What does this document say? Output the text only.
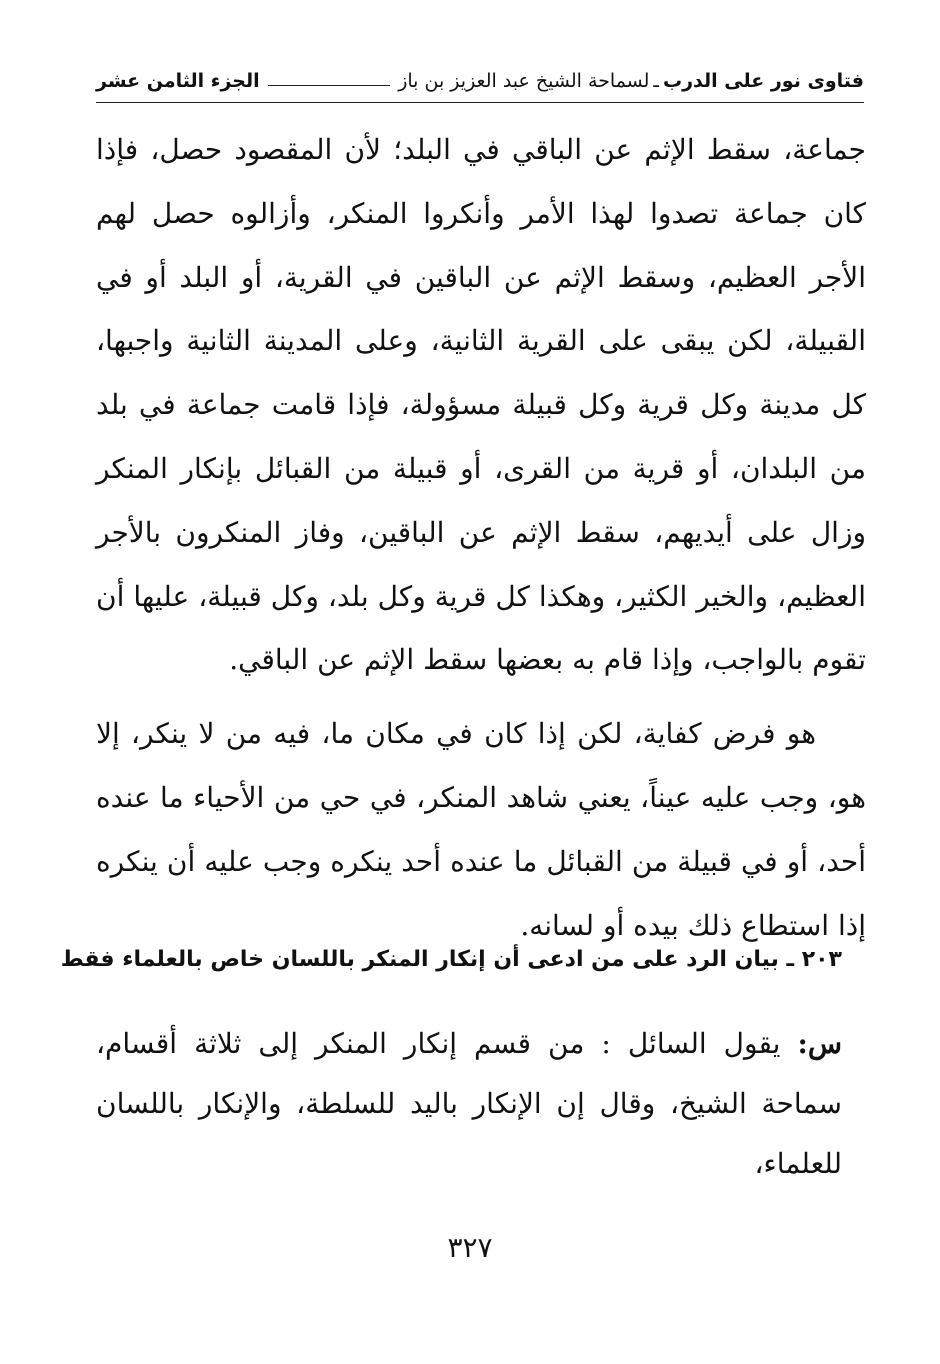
فتاوى نور على الدرب
ـ
لسماحة الشيخ عبد العزيز بن باز
الجزء الثامن عشر

جماعة، سقط الإثم عن الباقي في البلد؛ لأن المقصود حصل، فإذا كان جماعة تصدوا لهذا الأمر وأنكروا المنكر، وأزالوه حصل لهم الأجر العظيم، وسقط الإثم عن الباقين في القرية، أو البلد أو في القبيلة، لكن يبقى على القرية الثانية، وعلى المدينة الثانية واجبها، كل مدينة وكل قرية وكل قبيلة مسؤولة، فإذا قامت جماعة في بلد من البلدان، أو قرية من القرى، أو قبيلة من القبائل بإنكار المنكر وزال على أيديهم، سقط الإثم عن الباقين، وفاز المنكرون بالأجر العظيم، والخير الكثير، وهكذا كل قرية وكل بلد، وكل قبيلة، عليها أن تقوم بالواجب، وإذا قام به بعضها سقط الإثم عن الباقي.

هو فرض كفاية، لكن إذا كان في مكان ما، فيه من لا ينكر، إلا هو، وجب عليه عيناً، يعني شاهد المنكر، في حي من الأحياء ما عنده أحد، أو في قبيلة من القبائل ما عنده أحد ينكره وجب عليه أن ينكره إذا استطاع ذلك بيده أو لسانه.

٢٠٣ ـ بيان الرد على من ادعى أن إنكار المنكر باللسان خاص بالعلماء فقط

س: يقول السائل : من قسم إنكار المنكر إلى ثلاثة أقسام، سماحة الشيخ، وقال إن الإنكار باليد للسلطة، والإنكار باللسان للعلماء،

٣٢٧
